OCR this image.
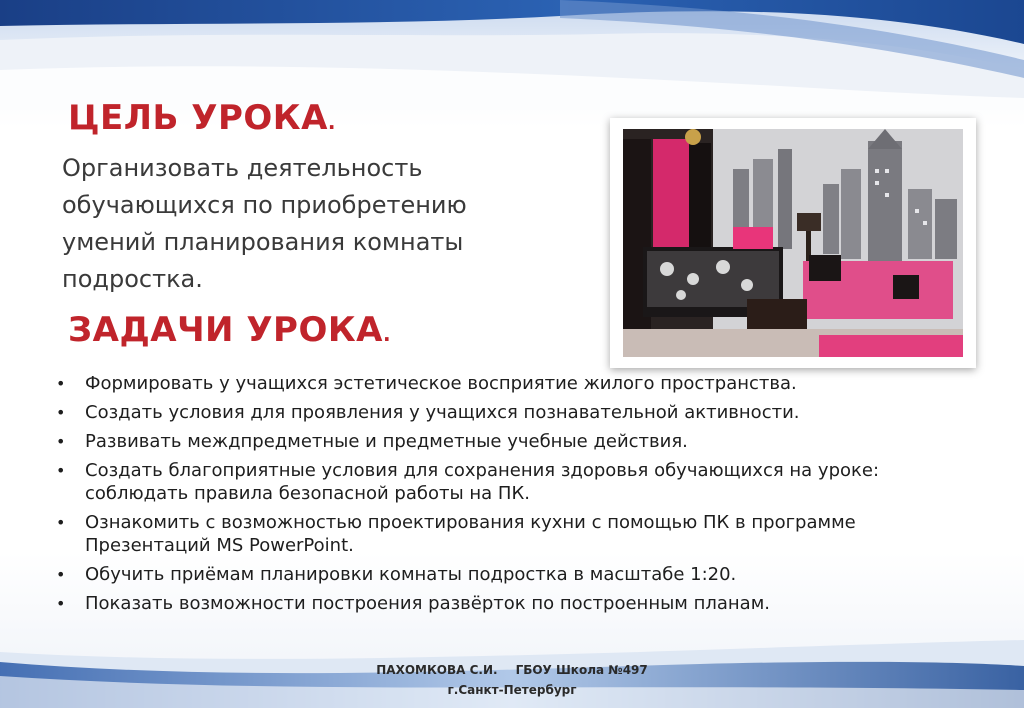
ЦЕЛЬ УРОКА.

Организовать деятельность обучающихся по приобретению умений планирования комнаты подростка.

ЗАДАЧИ УРОКА.
• Формировать у учащихся эстетическое восприятие жилого пространства.
• Создать условия для проявления у учащихся познавательной активности.
• Развивать междпредметные и предметные учебные действия.
• Создать благоприятные условия для сохранения здоровья обучающихся на уроке: соблюдать правила безопасной работы на ПК.
• Ознакомить с возможностью проектирования кухни с помощью ПК в программе Презентаций MS PowerPoint.
• Обучить приёмам планировки комнаты подростка в масштабе 1:20.
• Показать возможности построения развёрток по построенным планам.
ПАХОМКОВА С.И. ГБОУ Школа №497
г.Санкт-Петербург
